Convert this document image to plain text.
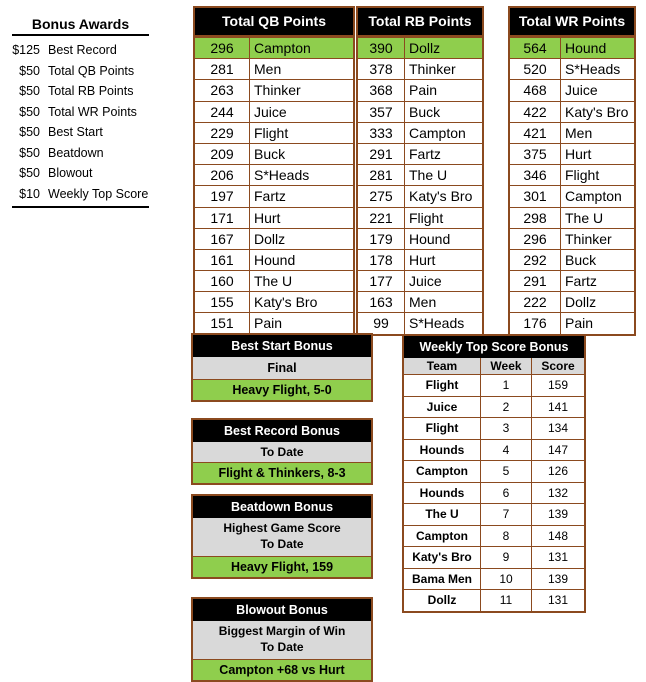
Bonus Awards
$125 Best Record
$50 Total QB Points
$50 Total RB Points
$50 Total WR Points
$50 Best Start
$50 Beatdown
$50 Blowout
$10 Weekly Top Score
Total QB Points
296	Campton
281	Men
263	Thinker
244	Juice
229	Flight
209	Buck
206	S*Heads
197	Fartz
171	Hurt
167	Dollz
161	Hound
160	The U
155	Katy's Bro
151	Pain
Total RB Points
390	Dollz
378	Thinker
368	Pain
357	Buck
333	Campton
291	Fartz
281	The U
275	Katy's Bro
221	Flight
179	Hound
178	Hurt
177	Juice
163	Men
99	S*Heads
Total WR Points
564	Hound
520	S*Heads
468	Juice
422	Katy's Bro
421	Men
375	Hurt
346	Flight
301	Campton
298	The U
296	Thinker
292	Buck
291	Fartz
222	Dollz
176	Pain
Best Start Bonus
Final
Heavy Flight, 5-0
Best Record Bonus
To Date
Flight & Thinkers, 8-3
Beatdown Bonus
Highest Game Score
To Date
Heavy Flight, 159
Blowout Bonus
Biggest Margin of Win
To Date
Campton +68 vs Hurt
Weekly Top Score Bonus
Team	Week	Score
Flight	1	159
Juice	2	141
Flight	3	134
Hounds	4	147
Campton	5	126
Hounds	6	132
The U	7	139
Campton	8	148
Katy's Bro	9	131
Bama Men	10	139
Dollz	11	131
